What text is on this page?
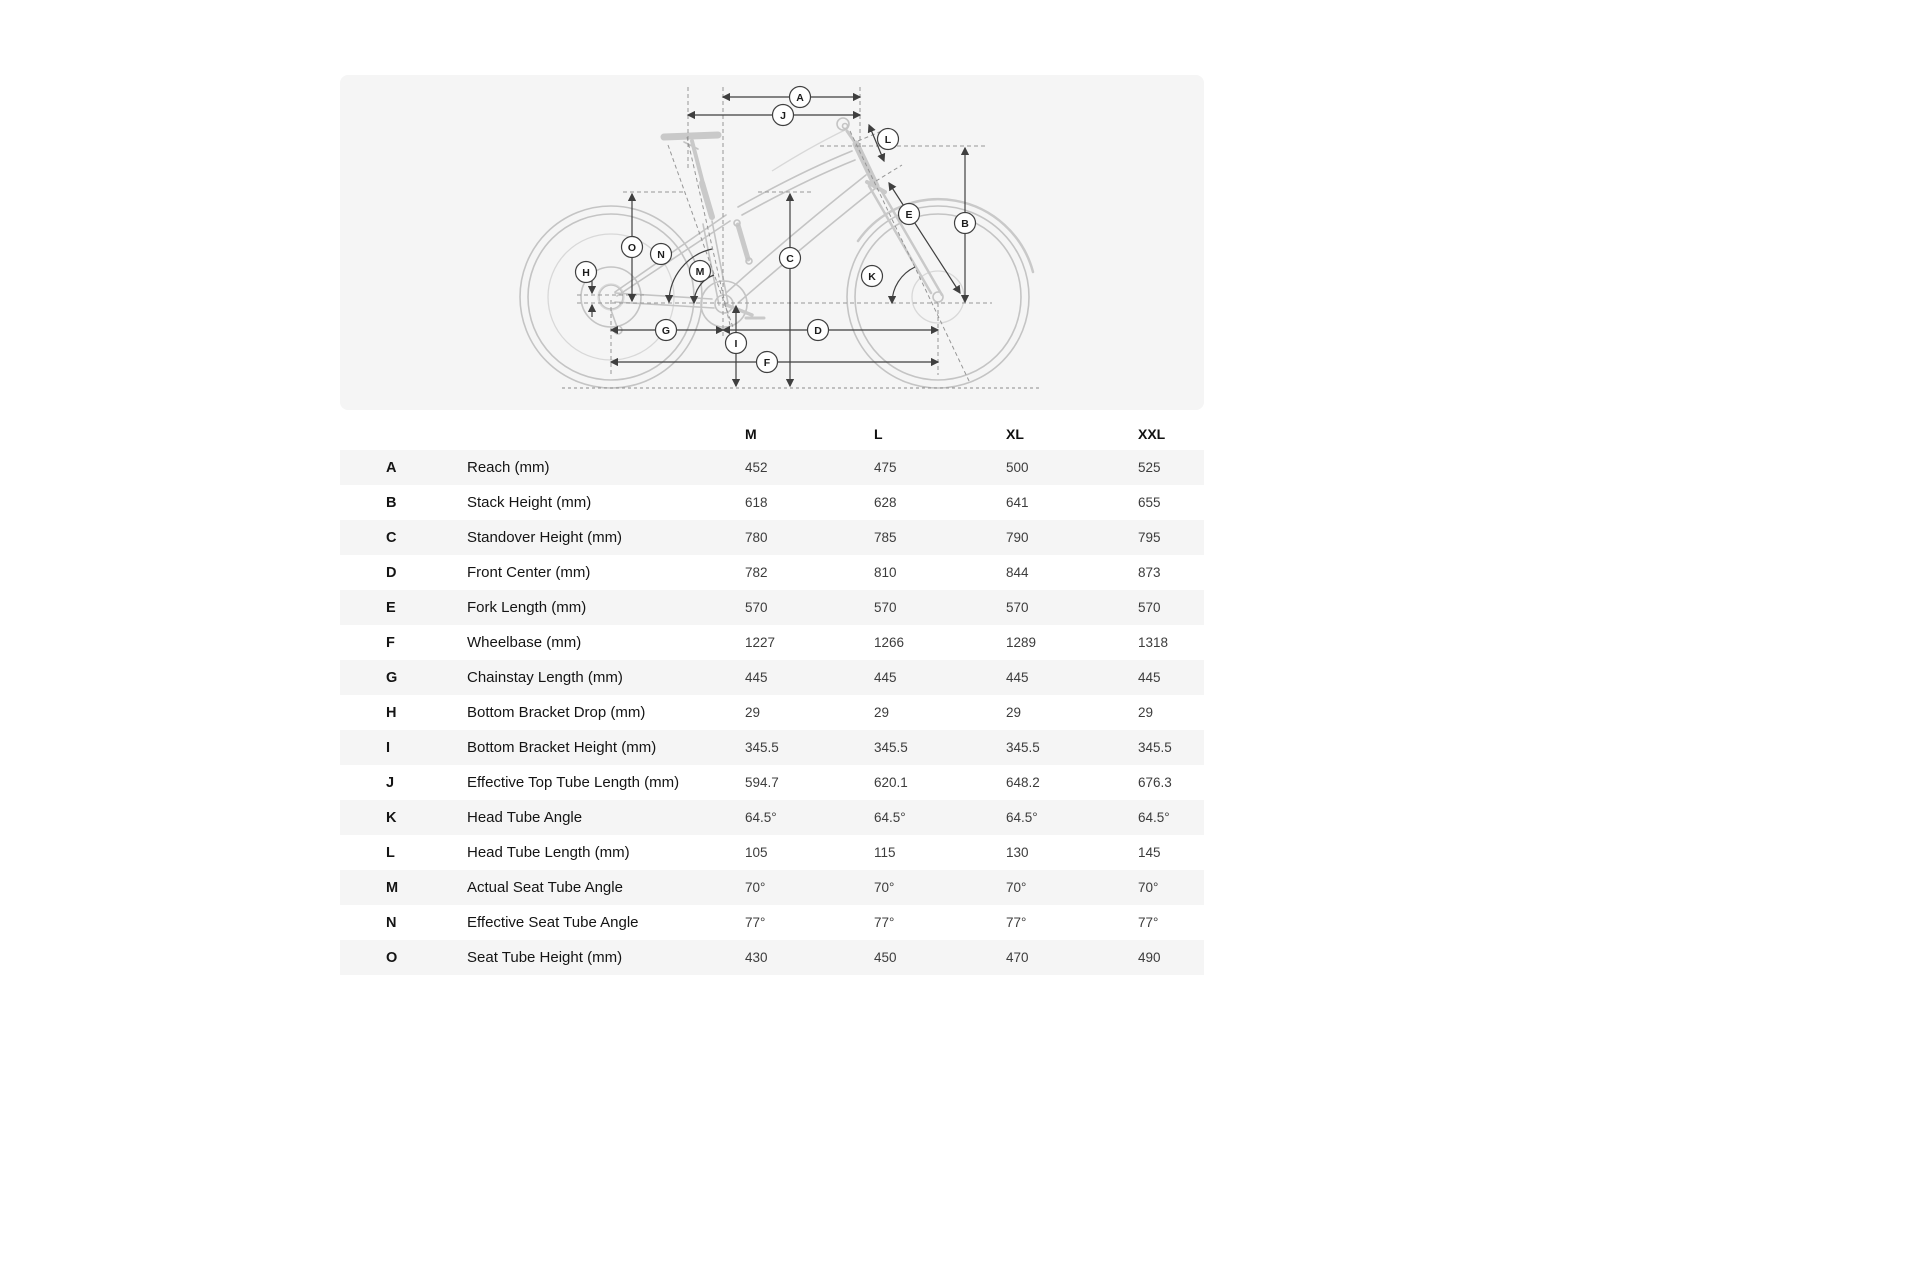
A
J
L
E
B
O
N	C
H	M	K
G	D
I
F
M	L	XL	XXL
A	Reach (mm)	452	475	500	525
B	Stack Height (mm)	618	628	641	655
C	Standover Height (mm)	780	785	790	795
D	Front Center (mm)	782	810	844	873
E	Fork Length (mm)	570	570	570	570
F	Wheelbase (mm)	1227	1266	1289	1318
G	Chainstay Length (mm)	445	445	445	445
H	Bottom Bracket Drop (mm)	29	29	29	29
I	Bottom Bracket Height (mm)	345.5	345.5	345.5	345.5
J	Effective Top Tube Length (mm)	594.7	620.1	648.2	676.3
K	Head Tube Angle	64.5°	64.5°	64.5°	64.5°
L	Head Tube Length (mm)	105	115	130	145
M	Actual Seat Tube Angle	70°	70°	70°	70°
N	Effective Seat Tube Angle	77°	77°	77°	77°
O	Seat Tube Height (mm)	430	450	470	490
